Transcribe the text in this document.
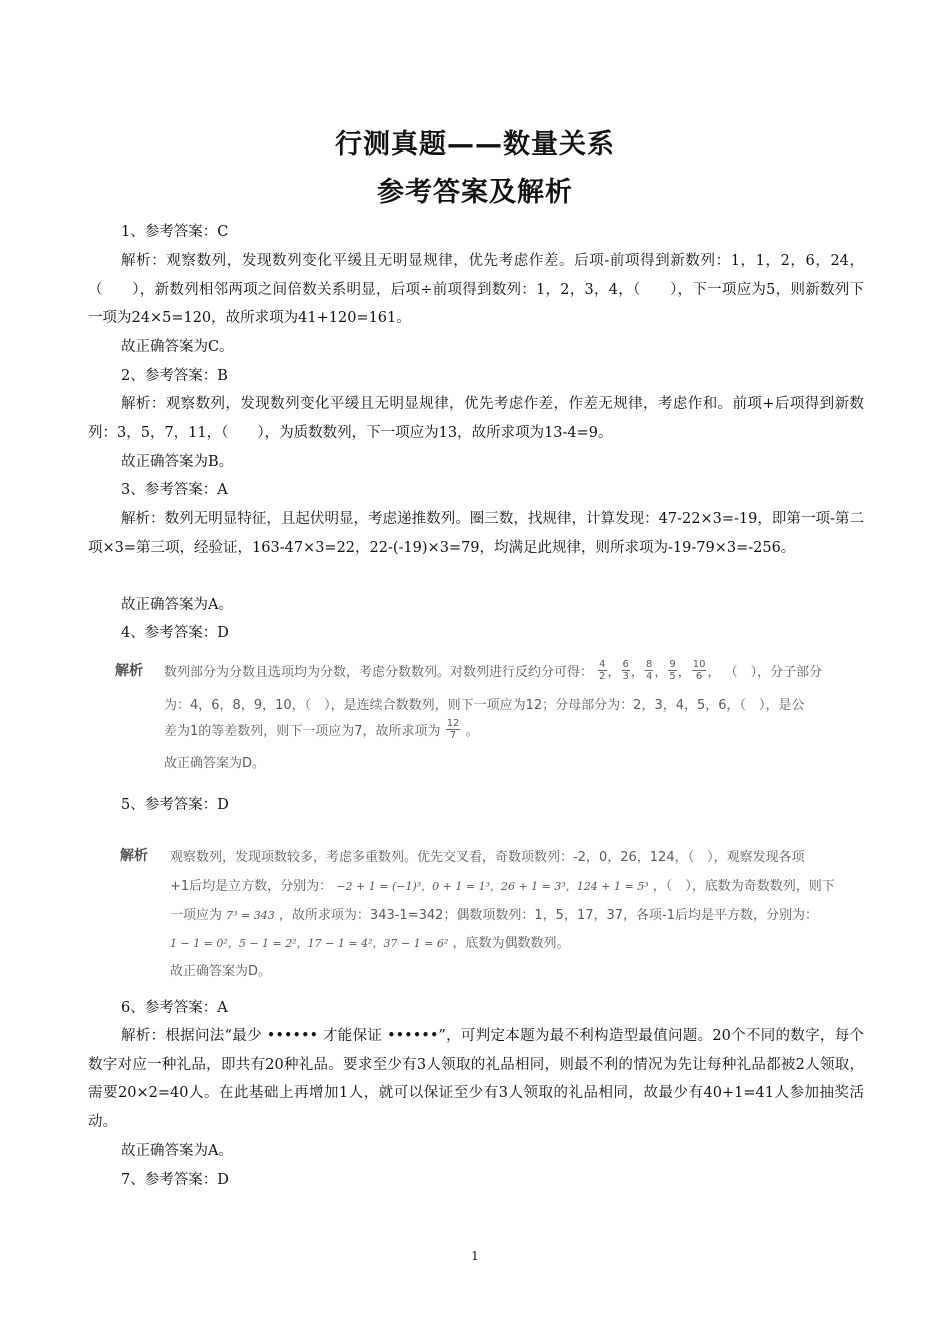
行测真题——数量关系
参考答案及解析
1、参考答案：C
解析：观察数列，发现数列变化平缓且无明显规律，优先考虑作差。后项-前项得到新数列：1，1，2，6，24，（　　），新数列相邻两项之间倍数关系明显，后项÷前项得到数列：1，2，3，4，（　　），下一项应为5，则新数列下一项为24×5=120，故所求项为41+120=161。
故正确答案为C。
2、参考答案：B
解析：观察数列，发现数列变化平缓且无明显规律，优先考虑作差，作差无规律，考虑作和。前项+后项得到新数列：3，5，7，11，（　　），为质数数列，下一项应为13，故所求项为13-4=9。
故正确答案为B。
3、参考答案：A
解析：数列无明显特征，且起伏明显，考虑递推数列。圈三数，找规律，计算发现：47-22×3=-19，即第一项-第二项×3=第三项，经验证，163-47×3=22，22-(-19)×3=79，均满足此规律，则所求项为-19-79×3=-256。
故正确答案为A。
4、参考答案：D
解析 数列部分为分数且选项均为分数，考虑分数数列。对数列进行反约分可得： $\frac{4}{2}$ ， $\frac{6}{3}$ ， $\frac{8}{4}$ ， $\frac{9}{5}$ ， $\frac{10}{6}$ ， （　），分子部分
为：4，6，8，9，10，（　），是连续合数数列，则下一项应为12；分母部分为：2，3，4，5，6，（　），是公
差为1的等差数列，则下一项应为7，故所求项为 $\frac{12}{7}$ 。
故正确答案为D。
5、参考答案：D
解析 观察数列，发现项数较多，考虑多重数列。优先交叉看，奇数项数列：-2，0，26，124，（　），观察发现各项
+1后均是立方数，分别为： −2 + 1 = (−1)³，0 + 1 = 1³，26 + 1 = 3³，124 + 1 = 5³ ，（　），底数为奇数数列，则下
一项应为 7³ = 343 ，故所求项为：343-1=342；偶数项数列：1，5，17，37，各项-1后均是平方数，分别为：
1 − 1 = 0²，5 − 1 = 2²，17 − 1 = 4²，37 − 1 = 6² ，底数为偶数数列。
故正确答案为D。
6、参考答案：A
解析：根据问法“最少 •••••• 才能保证 ••••••”，可判定本题为最不利构造型最值问题。20个不同的数字，每个数字对应一种礼品，即共有20种礼品。要求至少有3人领取的礼品相同，则最不利的情况为先让每种礼品都被2人领取，需要20×2=40人。在此基础上再增加1人，就可以保证至少有3人领取的礼品相同，故最少有40+1=41人参加抽奖活动。
故正确答案为A。
7、参考答案：D
1
